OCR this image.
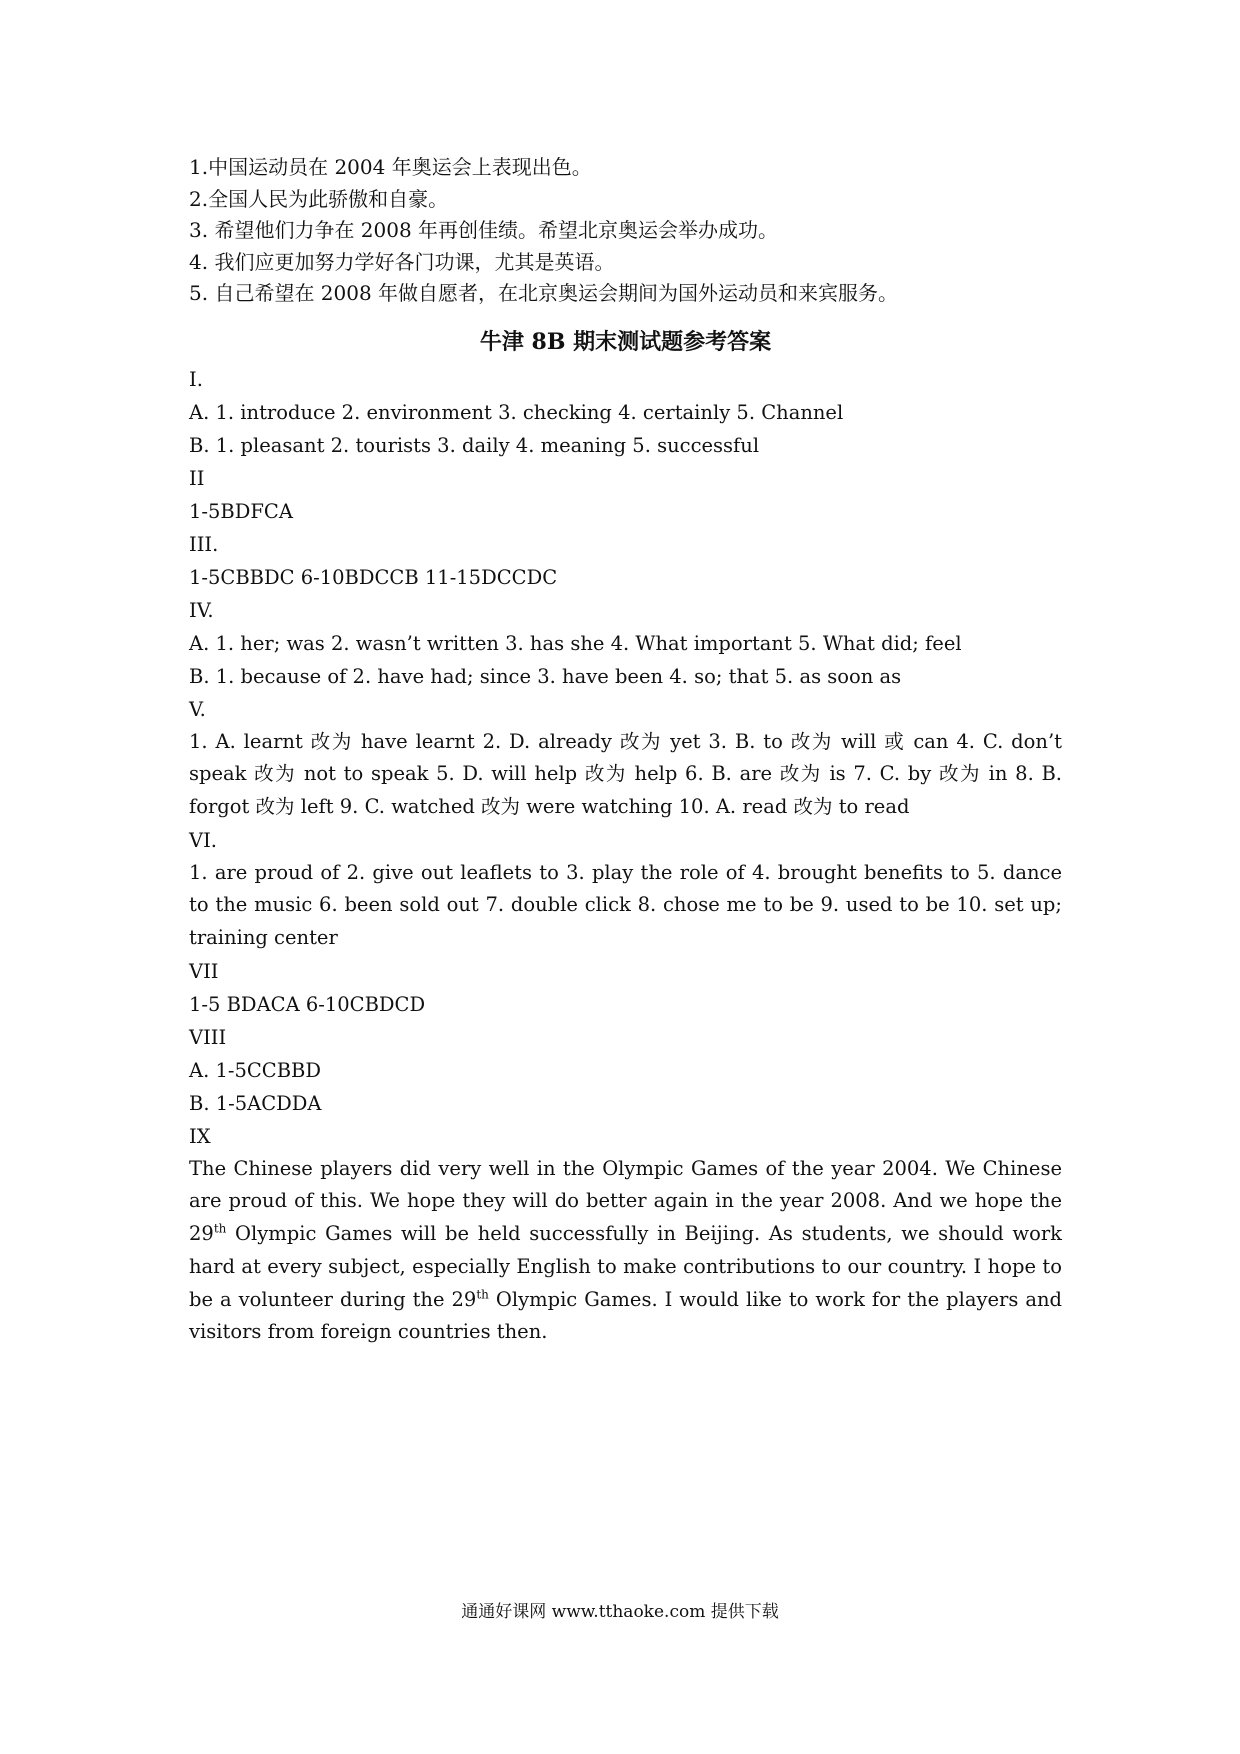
1.中国运动员在 2004 年奥运会上表现出色。

2.全国人民为此骄傲和自豪。

3. 希望他们力争在 2008 年再创佳绩。希望北京奥运会举办成功。

4. 我们应更加努力学好各门功课，尤其是英语。

5. 自己希望在 2008 年做自愿者，在北京奥运会期间为国外运动员和来宾服务。

牛津 8B 期末测试题参考答案

I.

A. 1. introduce 2. environment 3. checking 4. certainly 5. Channel

B. 1. pleasant 2. tourists 3. daily 4. meaning 5. successful

II

1-5BDFCA

III.

1-5CBBDC 6-10BDCCB 11-15DCCDC

IV.

A. 1. her; was 2. wasn’t written 3. has she 4. What important 5. What did; feel

B. 1. because of 2. have had; since 3. have been 4. so; that 5. as soon as

V.

1. A. learnt 改为 have learnt 2. D. already 改为 yet 3. B. to 改为 will 或 can 4. C. don’t speak 改为 not to speak 5. D. will help 改为 help 6. B. are 改为 is 7. C. by 改为 in 8. B. forgot 改为 left 9. C. watched 改为 were watching 10. A. read 改为 to read

VI.

1. are proud of 2. give out leaflets to 3. play the role of 4. brought benefits to 5. dance to the music 6. been sold out 7. double click 8. chose me to be 9. used to be 10. set up; training center

VII

1-5 BDACA 6-10CBDCD

VIII

A. 1-5CCBBD

B. 1-5ACDDA

IX

The Chinese players did very well in the Olympic Games of the year 2004. We Chinese are proud of this. We hope they will do better again in the year 2008. And we hope the 29th Olympic Games will be held successfully in Beijing. As students, we should work hard at every subject, especially English to make contributions to our country. I hope to be a volunteer during the 29th Olympic Games. I would like to work for the players and visitors from foreign countries then.

通通好课网 www.tthaoke.com 提供下载
